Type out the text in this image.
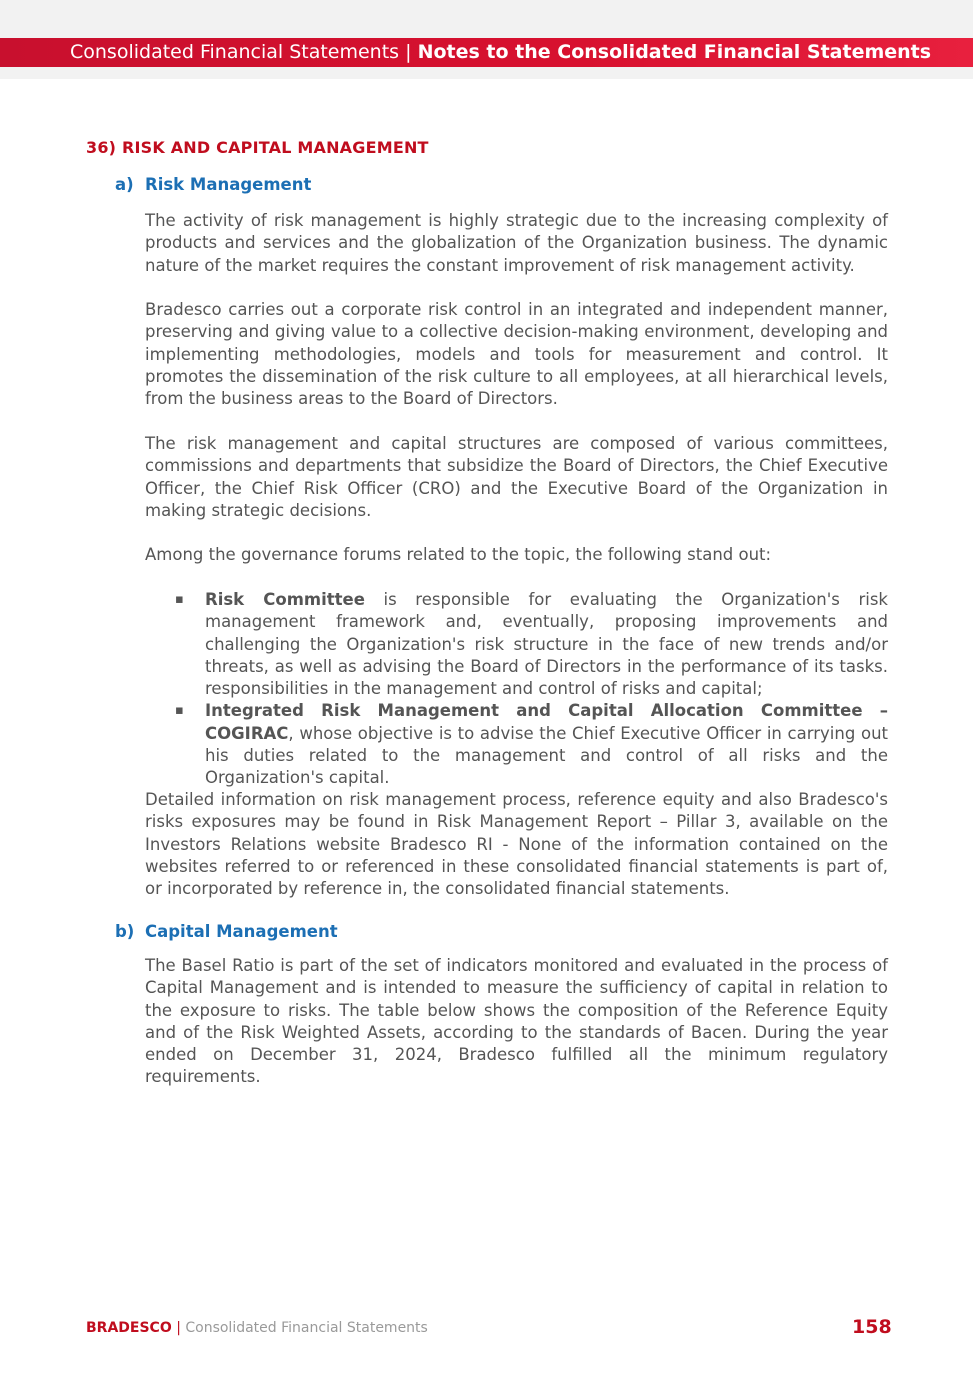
Consolidated Financial Statements | Notes to the Consolidated Financial Statements
36) RISK AND CAPITAL MANAGEMENT
a) Risk Management
The activity of risk management is highly strategic due to the increasing complexity of products and services and the globalization of the Organization business. The dynamic nature of the market requires the constant improvement of risk management activity.
Bradesco carries out a corporate risk control in an integrated and independent manner, preserving and giving value to a collective decision-making environment, developing and implementing methodologies, models and tools for measurement and control. It promotes the dissemination of the risk culture to all employees, at all hierarchical levels, from the business areas to the Board of Directors.
The risk management and capital structures are composed of various committees, commissions and departments that subsidize the Board of Directors, the Chief Executive Officer, the Chief Risk Officer (CRO) and the Executive Board of the Organization in making strategic decisions.
Among the governance forums related to the topic, the following stand out:
▪ Risk Committee is responsible for evaluating the Organization's risk management framework and, eventually, proposing improvements and challenging the Organization's risk structure in the face of new trends and/or threats, as well as advising the Board of Directors in the performance of its tasks. responsibilities in the management and control of risks and capital;
▪ Integrated Risk Management and Capital Allocation Committee – COGIRAC, whose objective is to advise the Chief Executive Officer in carrying out his duties related to the management and control of all risks and the Organization's capital.
Detailed information on risk management process, reference equity and also Bradesco's risks exposures may be found in Risk Management Report – Pillar 3, available on the Investors Relations website Bradesco RI - None of the information contained on the websites referred to or referenced in these consolidated financial statements is part of, or incorporated by reference in, the consolidated financial statements.
b) Capital Management
The Basel Ratio is part of the set of indicators monitored and evaluated in the process of Capital Management and is intended to measure the sufficiency of capital in relation to the exposure to risks. The table below shows the composition of the Reference Equity and of the Risk Weighted Assets, according to the standards of Bacen. During the year ended on December 31, 2024, Bradesco fulfilled all the minimum regulatory requirements.
BRADESCO | Consolidated Financial Statements	158
